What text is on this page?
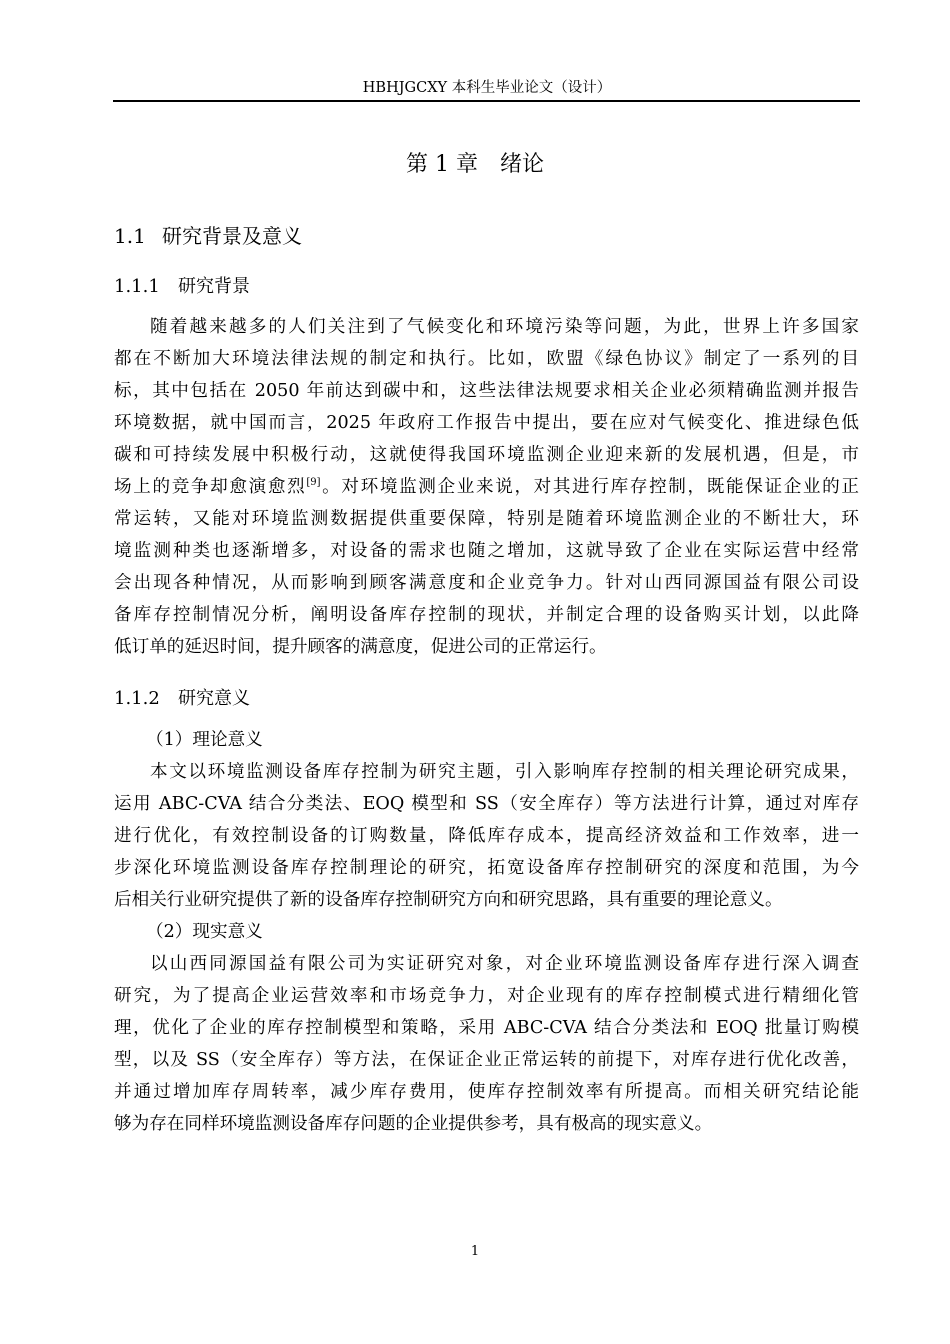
HBHJGCXY 本科生毕业论文（设计）
第 1 章　绪论
1.1 研究背景及意义
1.1.1 研究背景
随着越来越多的人们关注到了气候变化和环境污染等问题，为此，世界上许多国家
都在不断加大环境法律法规的制定和执行。比如，欧盟《绿色协议》制定了一系列的目
标，其中包括在 2050 年前达到碳中和，这些法律法规要求相关企业必须精确监测并报告
环境数据，就中国而言，2025 年政府工作报告中提出，要在应对气候变化、推进绿色低
碳和可持续发展中积极行动，这就使得我国环境监测企业迎来新的发展机遇，但是，市
场上的竞争却愈演愈烈[9]。对环境监测企业来说，对其进行库存控制，既能保证企业的正
常运转，又能对环境监测数据提供重要保障，特别是随着环境监测企业的不断壮大，环
境监测种类也逐渐增多，对设备的需求也随之增加，这就导致了企业在实际运营中经常
会出现各种情况，从而影响到顾客满意度和企业竞争力。针对山西同源国益有限公司设
备库存控制情况分析，阐明设备库存控制的现状，并制定合理的设备购买计划，以此降
低订单的延迟时间，提升顾客的满意度，促进公司的正常运行。
1.1.2 研究意义
（1）理论意义
本文以环境监测设备库存控制为研究主题，引入影响库存控制的相关理论研究成果，
运用 ABC-CVA 结合分类法、EOQ 模型和 SS（安全库存）等方法进行计算，通过对库存
进行优化，有效控制设备的订购数量，降低库存成本，提高经济效益和工作效率，进一
步深化环境监测设备库存控制理论的研究，拓宽设备库存控制研究的深度和范围，为今
后相关行业研究提供了新的设备库存控制研究方向和研究思路，具有重要的理论意义。
（2）现实意义
以山西同源国益有限公司为实证研究对象，对企业环境监测设备库存进行深入调查
研究，为了提高企业运营效率和市场竞争力，对企业现有的库存控制模式进行精细化管
理，优化了企业的库存控制模型和策略，采用 ABC-CVA 结合分类法和 EOQ 批量订购模
型，以及 SS（安全库存）等方法，在保证企业正常运转的前提下，对库存进行优化改善，
并通过增加库存周转率，减少库存费用，使库存控制效率有所提高。而相关研究结论能
够为存在同样环境监测设备库存问题的企业提供参考，具有极高的现实意义。
1
